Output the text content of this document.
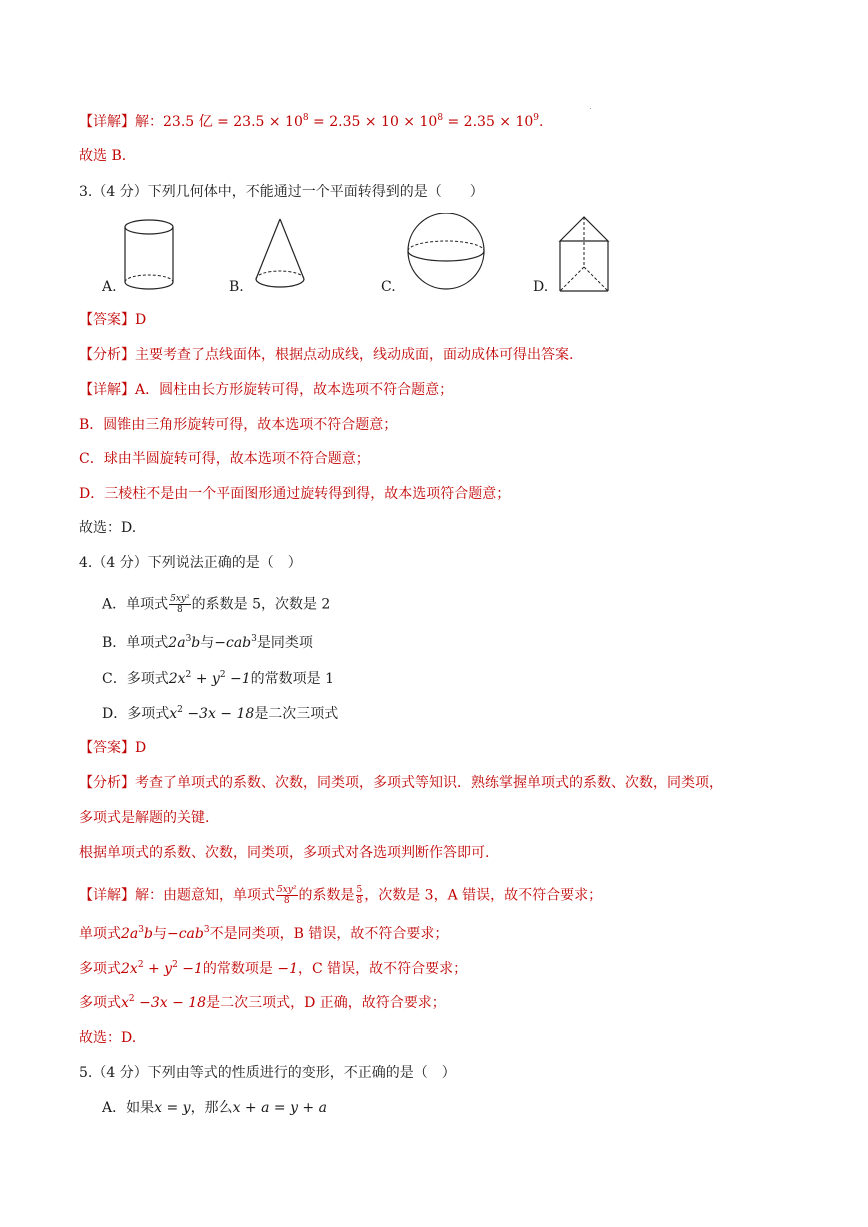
【详解】解：23.5 亿 = $23.5 \times 10^8 = 2.35 \times 10 \times 10^8 = 2.35 \times 10^9$.
故选 B.
3.（4 分）下列几何体中，不能通过一个平面转得到的是（　　）
A.	B.	C.	D.
【答案】D
【分析】主要考查了点线面体，根据点动成线，线动成面，面动成体可得出答案.
【详解】A．圆柱由长方形旋转可得，故本选项不符合题意；
B．圆锥由三角形旋转可得，故本选项不符合题意；
C．球由半圆旋转可得，故本选项不符合题意；
D．三棱柱不是由一个平面图形通过旋转得到得，故本选项符合题意；
故选：D.
4.（4 分）下列说法正确的是（　）
A．单项式 $\frac{\text{5xy²}}{8}$ 的系数是 5，次数是 2
B．单项式$2a^3b$与−cab$^3$是同类项
C．多项式$2x^2 + y^2 -1$的常数项是 1
D．多项式$x^2 -3x - 18$是二次三项式
【答案】D
【分析】考查了单项式的系数、次数，同类项，多项式等知识．熟练掌握单项式的系数、次数，同类项，
多项式是解题的关键.
根据单项式的系数、次数，同类项，多项式对各选项判断作答即可.
【详解】解：由题意知，单项式 $\frac{\text{5xy²}}{8}$ 的系数是 $\frac{5}{8}$ ，次数是 3，A 错误，故不符合要求；
单项式$2a^3b$与−cab$^3$不是同类项，B 错误，故不符合要求；
多项式$2x^2 + y^2 -1$的常数项是 −1，C 错误，故不符合要求；
多项式$x^2 -3x - 18$是二次三项式，D 正确，故符合要求；
故选：D.
5.（4 分）下列由等式的性质进行的变形，不正确的是（　）
A．如果x = y，那么x + a = y + a
